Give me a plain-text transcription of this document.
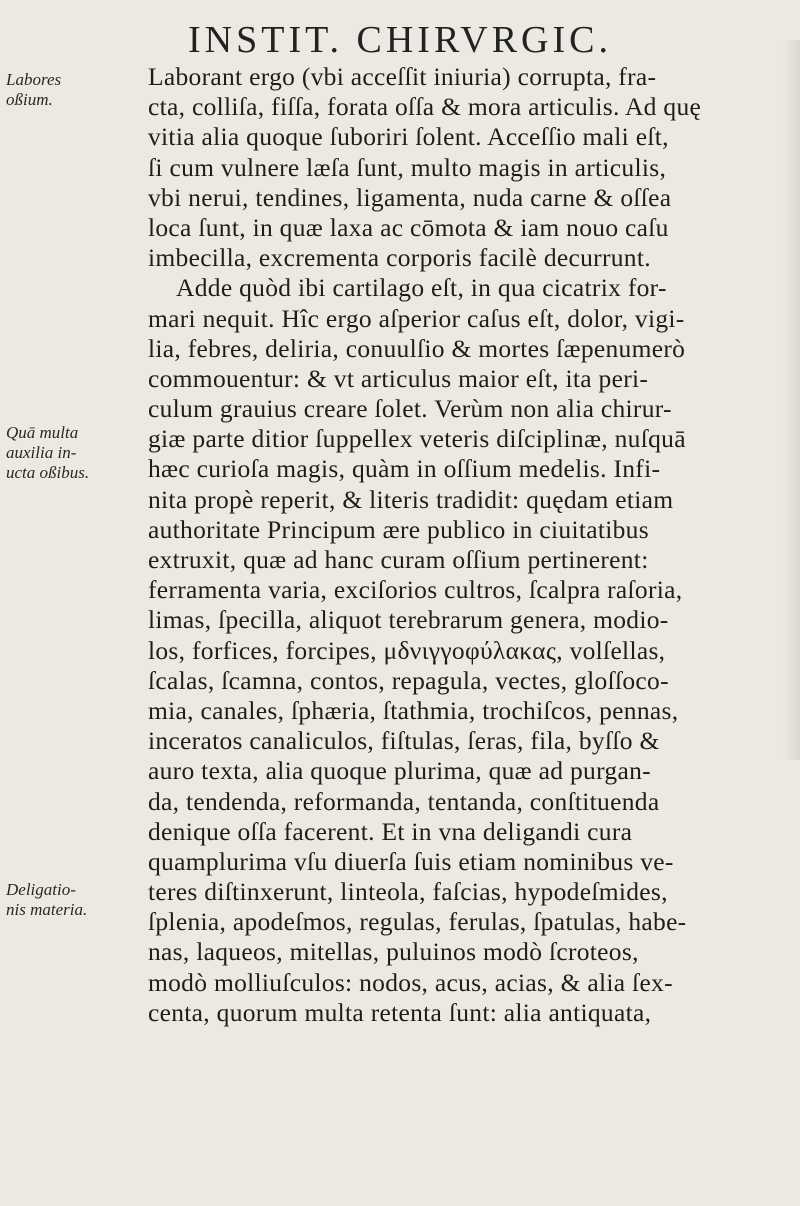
INSTIT. CHIRVRGIC.
Labores
oßium.
Quā multa
auxilia in-
ucta oßibus.
Deligatio-
nis materia.
Laborant ergo (vbi acceſſit iniuria) corrupta, fra-
cta, colliſa, fiſſa, forata oſſa & mora articulis. Ad quę
vitia alia quoque ſuboriri ſolent. Acceſſio mali eſt,
ſi cum vulnere læſa ſunt, multo magis in articulis,
vbi nerui, tendines, ligamenta, nuda carne & oſſea
loca ſunt, in quæ laxa ac cōmota & iam nouo caſu
imbecilla, excrementa corporis facilè decurrunt.
Adde quòd ibi cartilago eſt, in qua cicatrix for-
mari nequit. Hîc ergo aſperior caſus eſt, dolor, vigi-
lia, febres, deliria, conuulſio & mortes ſæpenumerò
commouentur: & vt articulus maior eſt, ita peri-
culum grauius creare ſolet. Verùm non alia chirur-
giæ parte ditior ſuppellex veteris diſciplinæ, nuſquā
hæc curioſa magis, quàm in oſſium medelis. Infi-
nita propè reperit, & literis tradidit: quędam etiam
authoritate Principum ære publico in ciuitatibus
extruxit, quæ ad hanc curam oſſium pertinerent:
ferramenta varia, exciſorios cultros, ſcalpra raſoria,
limas, ſpecilla, aliquot terebrarum genera, modio-
los, forfices, forcipes, μδνιγγοφύλακας, volſellas,
ſcalas, ſcamna, contos, repagula, vectes, gloſſoco-
mia, canales, ſphæria, ſtathmia, trochiſcos, pennas,
inceratos canaliculos, fiſtulas, ſeras, fila, byſſo &
auro texta, alia quoque plurima, quæ ad purgan-
da, tendenda, reformanda, tentanda, conſtituenda
denique oſſa facerent. Et in vna deligandi cura
quamplurima vſu diuerſa ſuis etiam nominibus ve-
teres diſtinxerunt, linteola, faſcias, hypodeſmides,
ſplenia, apodeſmos, regulas, ferulas, ſpatulas, habe-
nas, laqueos, mitellas, puluinos modò ſcroteos,
modò molliuſculos: nodos, acus, acias, & alia ſex-
centa, quorum multa retenta ſunt: alia antiquata,
